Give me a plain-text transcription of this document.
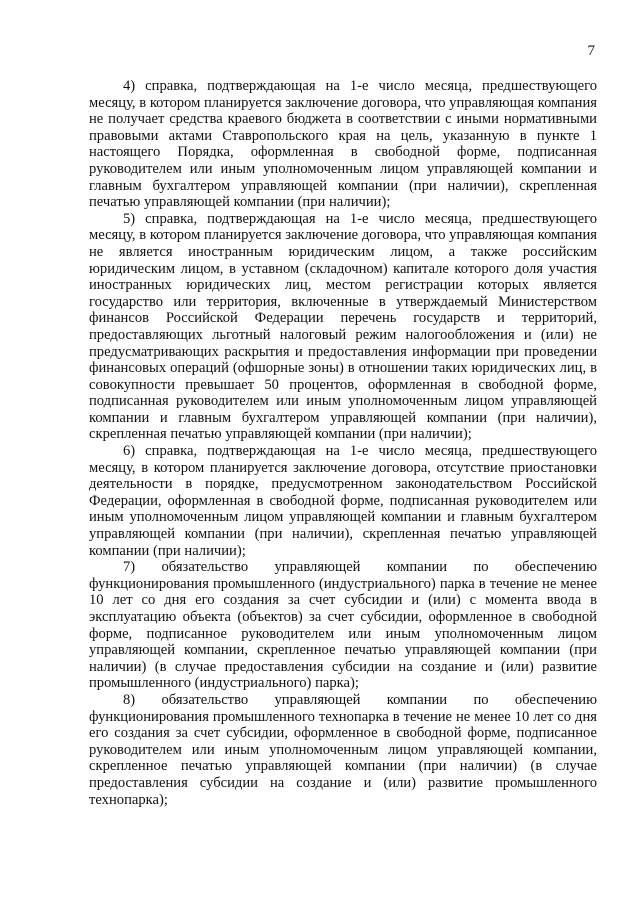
7

4) справка, подтверждающая на 1-е число месяца, предшествующего месяцу, в котором планируется заключение договора, что управляющая компания не получает средства краевого бюджета в соответствии с иными нормативными правовыми актами Ставропольского края на цель, указанную в пункте 1 настоящего Порядка, оформленная в свободной форме, подписанная руководителем или иным уполномоченным лицом управляющей компании и главным бухгалтером управляющей компании (при наличии), скрепленная печатью управляющей компании (при наличии);

5) справка, подтверждающая на 1-е число месяца, предшествующего месяцу, в котором планируется заключение договора, что управляющая компания не является иностранным юридическим лицом, а также российским юридическим лицом, в уставном (складочном) капитале которого доля участия иностранных юридических лиц, местом регистрации которых является государство или территория, включенные в утверждаемый Министерством финансов Российской Федерации перечень государств и территорий, предоставляющих льготный налоговый режим налогообложения и (или) не предусматривающих раскрытия и предоставления информации при проведении финансовых операций (офшорные зоны) в отношении таких юридических лиц, в совокупности превышает 50 процентов, оформленная в свободной форме, подписанная руководителем или иным уполномоченным лицом управляющей компании и главным бухгалтером управляющей компании (при наличии), скрепленная печатью управляющей компании (при наличии);

6) справка, подтверждающая на 1-е число месяца, предшествующего месяцу, в котором планируется заключение договора, отсутствие приостановки деятельности в порядке, предусмотренном законодательством Российской Федерации, оформленная в свободной форме, подписанная руководителем или иным уполномоченным лицом управляющей компании и главным бухгалтером управляющей компании (при наличии), скрепленная печатью управляющей компании (при наличии);

7) обязательство управляющей компании по обеспечению функционирования промышленного (индустриального) парка в течение не менее 10 лет со дня его создания за счет субсидии и (или) с момента ввода в эксплуатацию объекта (объектов) за счет субсидии, оформленное в свободной форме, подписанное руководителем или иным уполномоченным лицом управляющей компании, скрепленное печатью управляющей компании (при наличии) (в случае предоставления субсидии на создание и (или) развитие промышленного (индустриального) парка);

8) обязательство управляющей компании по обеспечению функционирования промышленного технопарка в течение не менее 10 лет со дня его создания за счет субсидии, оформленное в свободной форме, подписанное руководителем или иным уполномоченным лицом управляющей компании, скрепленное печатью управляющей компании (при наличии) (в случае предоставления субсидии на создание и (или) развитие промышленного технопарка);
